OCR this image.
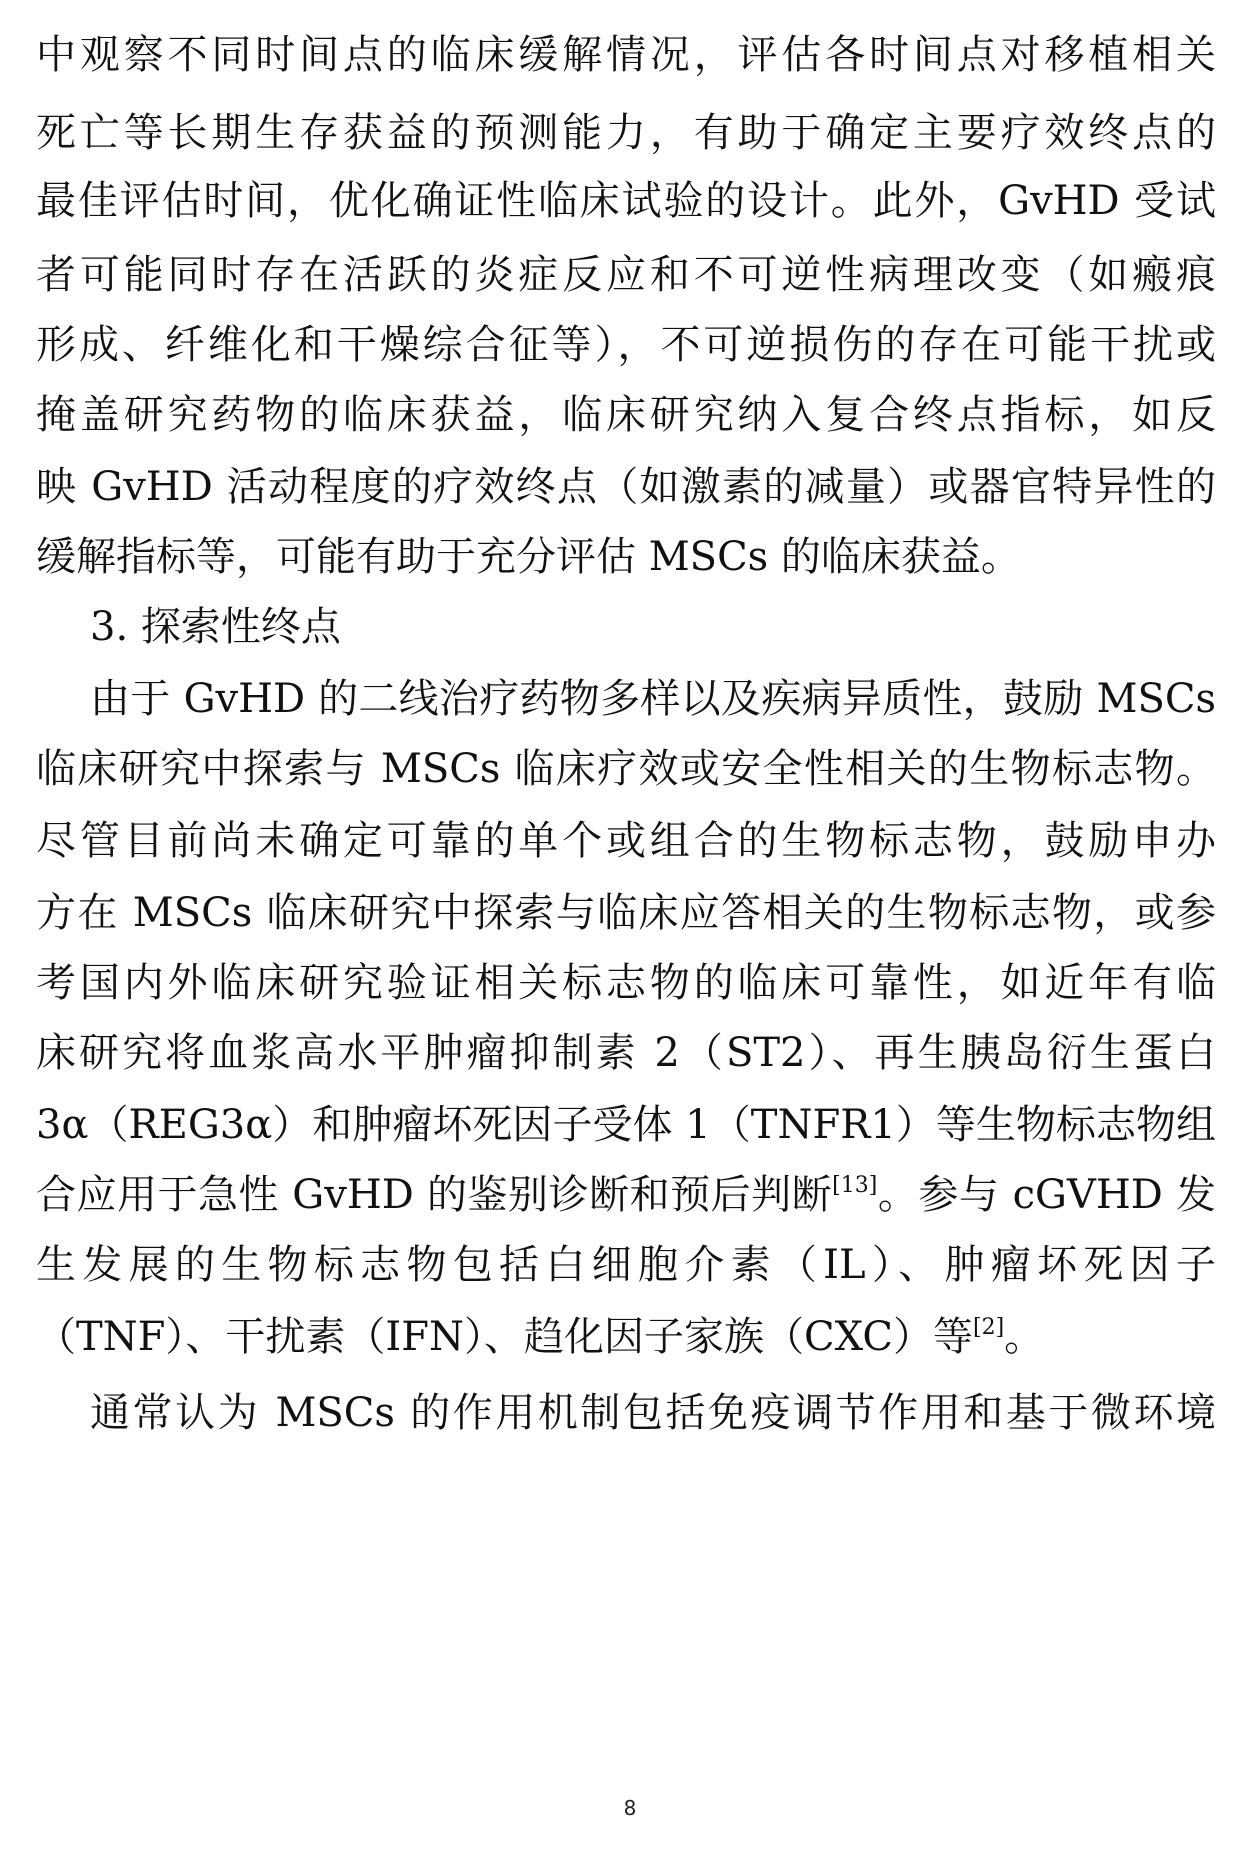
中观察不同时间点的临床缓解情况，评估各时间点对移植相关
死亡等长期生存获益的预测能力，有助于确定主要疗效终点的
最佳评估时间，优化确证性临床试验的设计。此外，GvHD 受试
者可能同时存在活跃的炎症反应和不可逆性病理改变（如瘢痕
形成、纤维化和干燥综合征等），不可逆损伤的存在可能干扰或
掩盖研究药物的临床获益，临床研究纳入复合终点指标，如反
映 GvHD 活动程度的疗效终点（如激素的减量）或器官特异性的
缓解指标等，可能有助于充分评估 MSCs 的临床获益。
3. 探索性终点
由于 GvHD 的二线治疗药物多样以及疾病异质性，鼓励 MSCs
临床研究中探索与 MSCs 临床疗效或安全性相关的生物标志物。
尽管目前尚未确定可靠的单个或组合的生物标志物，鼓励申办
方在 MSCs 临床研究中探索与临床应答相关的生物标志物，或参
考国内外临床研究验证相关标志物的临床可靠性，如近年有临
床研究将血浆高水平肿瘤抑制素 2（ST2）、再生胰岛衍生蛋白
3α（REG3α）和肿瘤坏死因子受体 1（TNFR1）等生物标志物组
合应用于急性 GvHD 的鉴别诊断和预后判断[13]。参与 cGVHD 发
生发展的生物标志物包括白细胞介素（IL）、肿瘤坏死因子
（TNF）、干扰素（IFN）、趋化因子家族（CXC）等[2]。
通常认为 MSCs 的作用机制包括免疫调节作用和基于微环境
8
